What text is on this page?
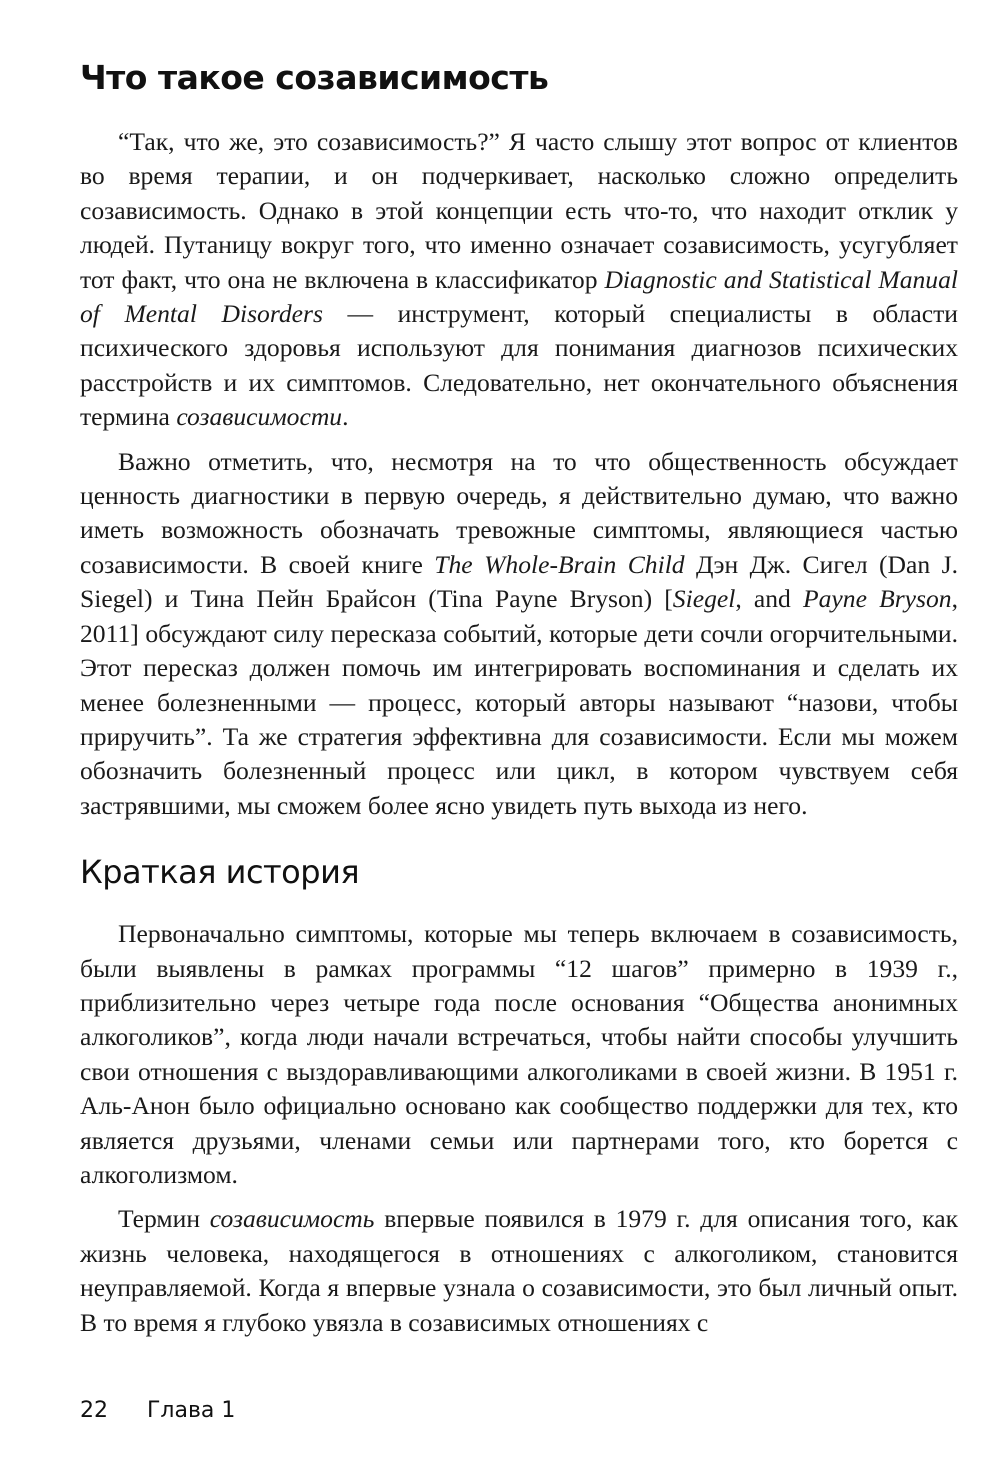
Что такое созависимость

“Так, что же, это созависимость?” Я часто слышу этот вопрос от клиентов во время терапии, и он подчеркивает, насколько сложно определить созависимость. Однако в этой концепции есть что-то, что находит отклик у людей. Путаницу вокруг того, что именно означает созависимость, усугубляет тот факт, что она не включена в классификатор Diagnostic and Statistical Manual of Mental Disorders — инструмент, который специалисты в области психического здоровья используют для понимания диагнозов психических расстройств и их симптомов. Следовательно, нет окончательного объяснения термина созависимости.

Важно отметить, что, несмотря на то что общественность обсуждает ценность диагностики в первую очередь, я действительно думаю, что важно иметь возможность обозначать тревожные симптомы, являющиеся частью созависимости. В своей книге The Whole-Brain Child Дэн Дж. Сигел (Dan J. Siegel) и Тина Пейн Брайсон (Tina Payne Bryson) [Siegel, and Payne Bryson, 2011] обсуждают силу пересказа событий, которые дети сочли огорчительными. Этот пересказ должен помочь им интегрировать воспоминания и сделать их менее болезненными — процесс, который авторы называют “назови, чтобы приручить”. Та же стратегия эффективна для созависимости. Если мы можем обозначить болезненный процесс или цикл, в котором чувствуем себя застрявшими, мы сможем более ясно увидеть путь выхода из него.

Краткая история

Первоначально симптомы, которые мы теперь включаем в созависимость, были выявлены в рамках программы “12 шагов” примерно в 1939 г., приблизительно через четыре года после основания “Общества анонимных алкоголиков”, когда люди начали встречаться, чтобы найти способы улучшить свои отношения с выздоравливающими алкоголиками в своей жизни. В 1951 г. Аль-Анон было официально основано как сообщество поддержки для тех, кто является друзьями, членами семьи или партнерами того, кто борется с алкоголизмом.

Термин созависимость впервые появился в 1979 г. для описания того, как жизнь человека, находящегося в отношениях с алкоголиком, становится неуправляемой. Когда я впервые узнала о созависимости, это был личный опыт. В то время я глубоко увязла в созависимых отношениях с

22 Глава 1
